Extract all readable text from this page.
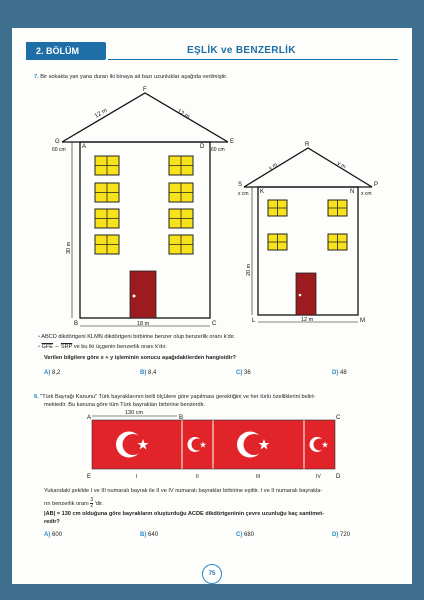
2. BÖLÜM	EŞLİK ve BENZERLİK
7. Bir sokakta yan yana duran iki binaya ait bazı uzunluklar aşağıda verilmiştir.
F
12 m	12 m
G
A	D
E
60 cm	60 cm
30 m
B	C
18 m
R
y m	y m
S
K	N
P
x cm	x cm
20 m
L	M
12 m
• ABCD dikdörtgeni KLMN dikdörtgeni birbirine benzer olup benzerlik oranı k'dır.
• $\overline{GFE}$ ∼ $\overline{SRP}$ ve bu iki üçgenin benzerlik oranı k'dır.
Verilen bilgilere göre x + y işleminin sonucu aşağıdakilerden hangisidir?
A) 8,2	B) 8,4	C) 36	D) 48
8. "Türk Bayrağı Kanunu" Türk bayraklarının belli ölçülere göre yapılması gerektiğini ve her türlü özelliklerini belirt-
mektedir. Bu kanuna göre tüm Türk bayrakları birbirine benzerdir.
A	B	C
130 cm
E	D
I	II	III	IV
Yukarıdaki şekilde I ve III numaralı bayrak ile II ve IV numaralı bayraklar birbirine eşittir. I ve II numaralı bayrakla-
rın benzerlik oranı $\frac{3}{2}$ 'dir.
|AB| = 130 cm olduğuna göre bayrakların oluşturduğu ACDE dikdörtgeninin çevre uzunluğu kaç santimet-
redir?
A) 600	B) 640	C) 680	D) 720
75
